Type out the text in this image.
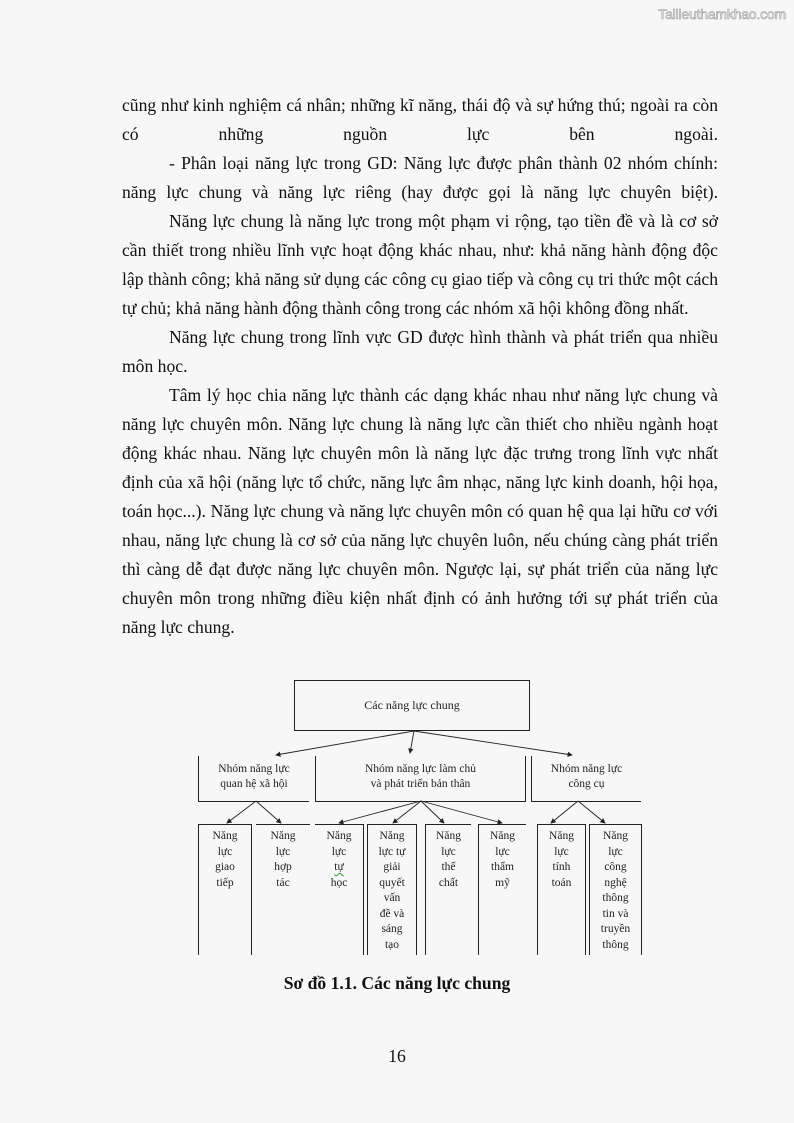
Tailieuthamkhao.com

cũng như kinh nghiệm cá nhân; những kĩ năng, thái độ và sự hứng thú; ngoài ra còn có những nguồn lực bên ngoài.

- Phân loại năng lực trong GD: Năng lực được phân thành 02 nhóm chính: năng lực chung và năng lực riêng (hay được gọi là năng lực chuyên biệt).

Năng lực chung là năng lực trong một phạm vi rộng, tạo tiền đề và là cơ sở cần thiết trong nhiều lĩnh vực hoạt động khác nhau, như: khả năng hành động độc lập thành công; khả năng sử dụng các công cụ giao tiếp và công cụ tri thức một cách tự chủ; khả năng hành động thành công trong các nhóm xã hội không đồng nhất.

Năng lực chung trong lĩnh vực GD được hình thành và phát triển qua nhiều môn học.

Tâm lý học chia năng lực thành các dạng khác nhau như năng lực chung và năng lực chuyên môn. Năng lực chung là năng lực cần thiết cho nhiều ngành hoạt động khác nhau. Năng lực chuyên môn là năng lực đặc trưng trong lĩnh vực nhất định của xã hội (năng lực tổ chức, năng lực âm nhạc, năng lực kinh doanh, hội họa, toán học...). Năng lực chung và năng lực chuyên môn có quan hệ qua lại hữu cơ với nhau, năng lực chung là cơ sở của năng lực chuyên luôn, nếu chúng càng phát triển thì càng dễ đạt được năng lực chuyên môn. Ngược lại, sự phát triển của năng lực chuyên môn trong những điều kiện nhất định có ảnh hưởng tới sự phát triển của năng lực chung.

Các năng lực chung
Nhóm năng lực
quan hệ xã hội
Nhóm năng lực làm chủ
và phát triển bản thân
Nhóm năng lực
công cụ
Năng
lực
giao
tiếp
Năng
lực
hợp
tác
Năng
lực
tự
học
Năng
lực tự
giải
quyết
vấn
đề và
sáng
tạo
Năng
lực
thể
chất
Năng
lực
thẩm
mỹ
Năng
lực
tính
toán
Năng
lực
công
nghệ
thông
tin và
truyền
thông
Sơ đồ 1.1. Các năng lực chung
16
